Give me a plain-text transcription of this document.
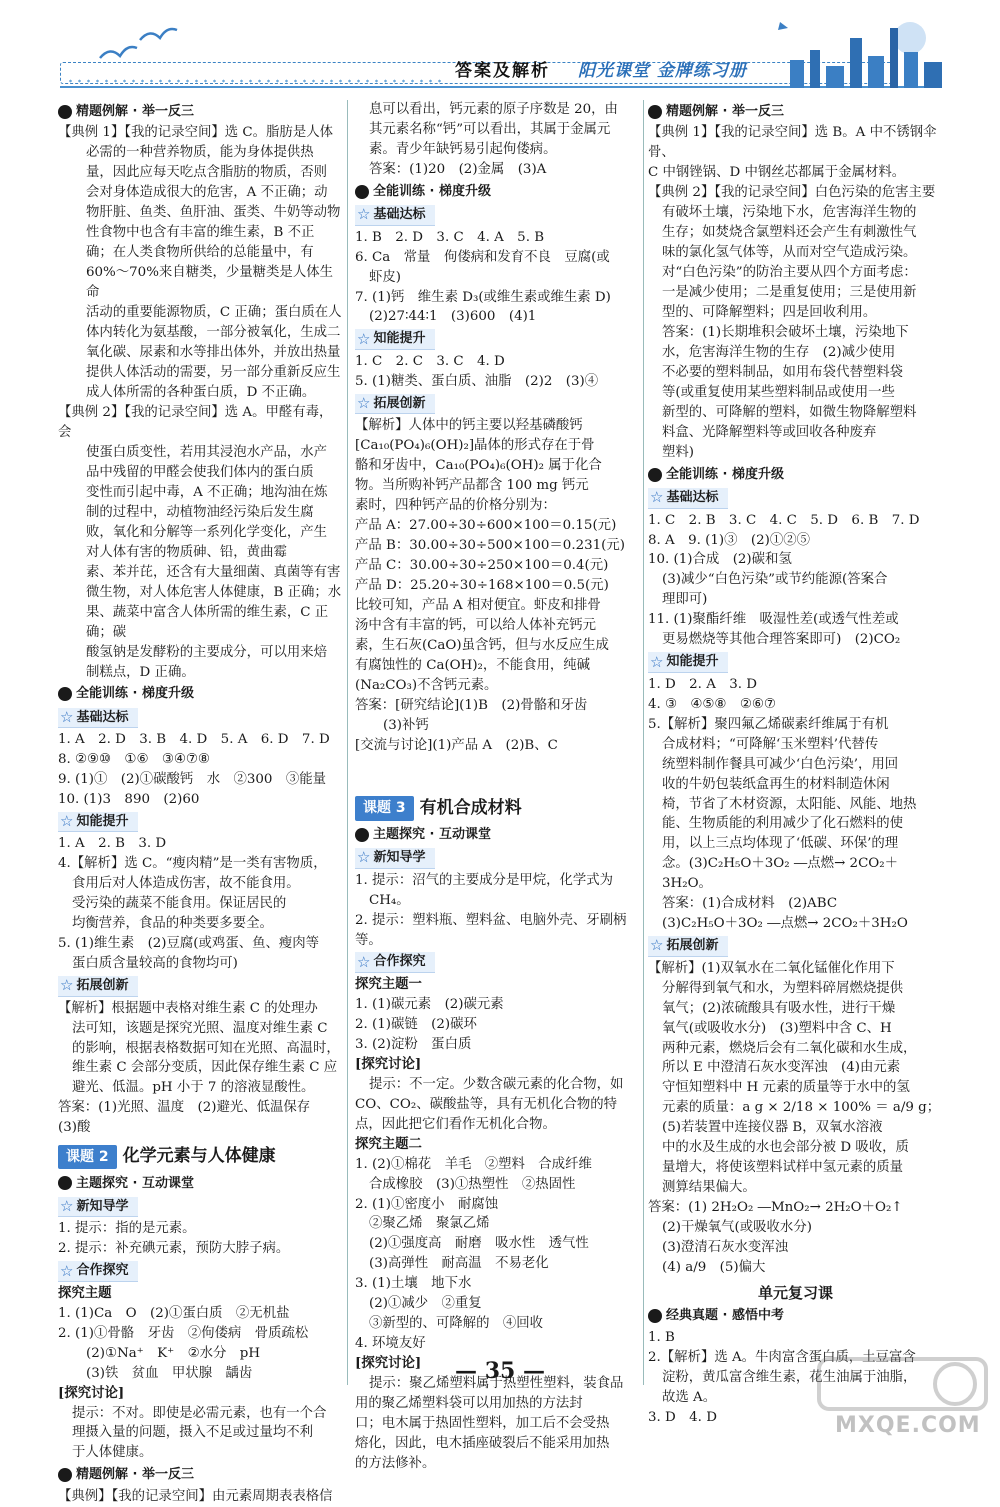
答案及解析 阳光课堂 金牌练习册
精题例解 · 举一反三
【典例 1】【我的记录空间】选 C。脂肪是人体
必需的一种营养物质，能为身体提供热
量，因此应每天吃点含脂肪的物质，否则
会对身体造成很大的危害，A 不正确；动
物肝脏、鱼类、鱼肝油、蛋类、牛奶等动物
性食物中也含有丰富的维生素，B 不正
确；在人类食物所供给的总能量中，有
60%～70%来自糖类，少量糖类是人体生命
活动的重要能源物质，C 正确；蛋白质在人
体内转化为氨基酸，一部分被氧化，生成二
氧化碳、尿素和水等排出体外，并放出热量
提供人体活动的需要，另一部分重新反应生
成人体所需的各种蛋白质，D 不正确。
【典例 2】【我的记录空间】选 A。甲醛有毒，会
使蛋白质变性，若用其浸泡水产品，水产
品中残留的甲醛会使我们体内的蛋白质
变性而引起中毒，A 不正确；地沟油在炼
制的过程中，动植物油经污染后发生腐
败，氧化和分解等一系列化学变化，产生
对人体有害的物质砷、铅，黄曲霉
素、苯并芘，还含有大量细菌、真菌等有害
微生物，对人体危害人体健康，B 正确；水
果、蔬菜中富含人体所需的维生素，C 正确；碳
酸氢钠是发酵粉的主要成分，可以用来焙
制糕点，D 正确。
全能训练 · 梯度升级
☆ 基础达标
1. A　2. D　3. B　4. D　5. A　6. D　7. D
8. ②⑨⑩　①⑥　③④⑦⑧
9. (1)①　(2)①碳酸钙　水　②300　③能量
10. (1)3　890　(2)60
☆ 知能提升
1. A　2. B　3. D
4.【解析】选 C。“瘦肉精”是一类有害物质，
食用后对人体造成伤害，故不能食用。
受污染的蔬菜不能食用。保证居民的
均衡营养，食品的种类要多要全。
5. (1)维生素　(2)豆腐(或鸡蛋、鱼、瘦肉等
蛋白质含量较高的食物均可)
☆ 拓展创新
【解析】根据题中表格对维生素 C 的处理办
法可知，该题是探究光照、温度对维生素 C
的影响，根据表格数据可知在光照、高温时，
维生素 C 会部分变质，因此保存维生素 C 应
避光、低温。pH 小于 7 的溶液显酸性。
答案：(1)光照、温度　(2)避光、低温保存
(3)酸
课题 2 化学元素与人体健康
主题探究 · 互动课堂
☆ 新知导学
1. 提示：指的是元素。
2. 提示：补充碘元素，预防大脖子病。
☆ 合作探究
探究主题
1. (1)Ca　O　(2)①蛋白质　②无机盐
2. (1)①骨骼　牙齿　②佝偻病　骨质疏松
(2)①Na⁺　K⁺　②水分　pH
(3)铁　贫血　甲状腺　龋齿
[探究讨论]
提示：不对。即使是必需元素，也有一个合
理摄入量的问题，摄入不足或过量均不利
于人体健康。
精题例解 · 举一反三
【典例】【我的记录空间】由元素周期表表格信
息可以看出，钙元素的原子序数是 20，由
其元素名称“钙”可以看出，其属于金属元
素。青少年缺钙易引起佝偻病。
答案：(1)20　(2)金属　(3)A
全能训练 · 梯度升级
☆ 基础达标
1. B　2. D　3. C　4. A　5. B
6. Ca　常量　佝偻病和发育不良　豆腐(或
虾皮)
7. (1)钙　维生素 D₃(或维生素或维生素 D)
(2)27∶44∶1　(3)600　(4)1
☆ 知能提升
1. C　2. C　3. C　4. D
5. (1)糖类、蛋白质、油脂　(2)2　(3)④
☆ 拓展创新
【解析】人体中的钙主要以羟基磷酸钙
[Ca₁₀(PO₄)₆(OH)₂]晶体的形式存在于骨
骼和牙齿中，Ca₁₀(PO₄)₆(OH)₂ 属于化合
物。当所购补钙产品都含 100 mg 钙元
素时，四种钙产品的价格分别为：
产品 A：27.00÷30÷600×100＝0.15(元)
产品 B：30.00÷30÷500×100＝0.231(元)
产品 C：30.00÷30÷250×100＝0.4(元)
产品 D：25.20÷30÷168×100＝0.5(元)
比较可知，产品 A 相对便宜。虾皮和排骨
汤中含有丰富的钙，可以给人体补充钙元
素，生石灰(CaO)虽含钙，但与水反应生成
有腐蚀性的 Ca(OH)₂，不能食用，纯碱
(Na₂CO₃)不含钙元素。
答案：[研究结论](1)B　(2)骨骼和牙齿
(3)补钙
[交流与讨论](1)产品 A　(2)B、C
课题 3 有机合成材料
主题探究 · 互动课堂
☆ 新知导学
1. 提示：沼气的主要成分是甲烷，化学式为
CH₄。
2. 提示：塑料瓶、塑料盆、电脑外壳、牙刷柄等。
☆ 合作探究
探究主题一
1. (1)碳元素　(2)碳元素
2. (1)碳链　(2)碳环
3. (2)淀粉　蛋白质
[探究讨论]
提示：不一定。少数含碳元素的化合物，如
CO、CO₂、碳酸盐等，具有无机化合物的特
点，因此把它们看作无机化合物。
探究主题二
1. (2)①棉花　羊毛　②塑料　合成纤维
合成橡胶　(3)①热塑性　②热固性
2. (1)①密度小　耐腐蚀
②聚乙烯　聚氯乙烯
(2)①强度高　耐磨　吸水性　透气性
(3)高弹性　耐高温　不易老化
3. (1)土壤　地下水
(2)①减少　②重复
③新型的、可降解的　④回收
4. 环境友好
[探究讨论]
提示：聚乙烯塑料属于热塑性塑料，装食品
用的聚乙烯塑料袋可以用加热的方法封
口；电木属于热固性塑料，加工后不会受热
熔化，因此，电木插座破裂后不能采用加热
的方法修补。
精题例解 · 举一反三
【典例 1】【我的记录空间】选 B。A 中不锈钢伞骨、
C 中钢锉锅、D 中钢丝芯都属于金属材料。
【典例 2】【我的记录空间】白色污染的危害主要
有破坏土壤，污染地下水，危害海洋生物的
生存；如焚烧含氯塑料还会产生有刺激性气
味的氯化氢气体等，从而对空气造成污染。
对“白色污染”的防治主要从四个方面考虑：
一是减少使用；二是重复使用；三是使用新
型的、可降解塑料；四是回收利用。
答案：(1)长期堆积会破坏土壤，污染地下
水，危害海洋生物的生存　(2)减少使用
不必要的塑料制品，如用布袋代替塑料袋
等(或重复使用某些塑料制品或使用一些
新型的、可降解的塑料，如微生物降解塑料
料盒、光降解塑料等或回收各种废弃
塑料)
全能训练 · 梯度升级
☆ 基础达标
1. C　2. B　3. C　4. C　5. D　6. B　7. D
8. A　9. (1)③　(2)①②⑤
10. (1)合成　(2)碳和氢
(3)减少“白色污染”或节约能源(答案合
理即可)
11. (1)聚酯纤维　吸湿性差(或透气性差或
更易燃烧等其他合理答案即可)　(2)CO₂
☆ 知能提升
1. D　2. A　3. D
4. ③　④⑤⑧　②⑥⑦
5.【解析】聚四氟乙烯碳素纤维属于有机
合成材料；“可降解‘玉米塑料’代替传
统塑料制作餐具可减少‘白色污染’，用回
收的牛奶包装纸盒再生的材料制造休闲
椅，节省了木材资源，太阳能、风能、地热
能、生物质能的利用减少了化石燃料的使
用，以上三点均体现了‘低碳、环保’的理
念。(3)C₂H₅O＋3O₂ ―点燃→ 2CO₂＋3H₂O。
答案：(1)合成材料　(2)ABC
(3)C₂H₅O＋3O₂ ―点燃→ 2CO₂＋3H₂O
☆ 拓展创新
【解析】(1)双氧水在二氧化锰催化作用下
分解得到氧气和水，为塑料碎屑燃烧提供
氧气；(2)浓硫酸具有吸水性，进行干燥
氧气(或吸收水分)　(3)塑料中含 C、H
两种元素，燃烧后会有二氧化碳和水生成，
所以 E 中澄清石灰水变浑浊　(4)由元素
守恒知塑料中 H 元素的质量等于水中的氢
元素的质量：a g × 2/18 × 100% ＝ a/9 g；
(5)若装置中连接仪器 B，双氧水溶液
中的水及生成的水也会部分被 D 吸收，质
量增大，将使该塑料试样中氢元素的质量
测算结果偏大。
答案：(1) 2H₂O₂ ―MnO₂→ 2H₂O＋O₂↑
(2)干燥氧气(或吸收水分)
(3)澄清石灰水变浑浊
(4) a/9　(5)偏大
单元复习课
经典真题 · 感悟中考
1. B
2.【解析】选 A。牛肉富含蛋白质，土豆富含
淀粉，黄瓜富含维生素，花生油属于油脂，
故选 A。
3. D　4. D
— 35 —
MXQE.COM
